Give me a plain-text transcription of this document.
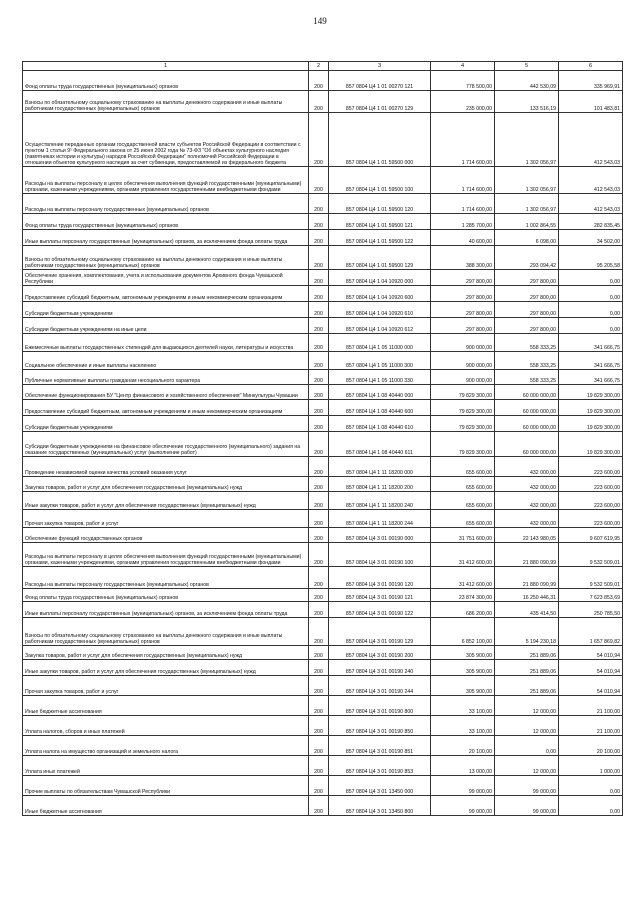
149
1	2	3	4	5	6
Фонд оплаты труда государственных (муниципальных) органов	200	857 0804 Ц4 1 01 00270 121	778 500,00	442 530,09	335 969,91
Взносы по обязательному социальному страхованию на выплаты денежного содержания и иные выплаты работникам государственных (муниципальных) органов	200	857 0804 Ц4 1 01 00270 129	235 000,00	133 516,19	101 483,81
Осуществление переданных органам государственной власти субъектов Российской Федерации в соответствии с пунктом 1 статьи 9¹ Федерального закона от 25 июня 2002 года № 73-ФЗ "Об объектах культурного наследия (памятниках истории и культуры) народов Российской Федерации" полномочий Российской Федерации в отношении объектов культурного наследия за счет субвенции, предоставляемой из федерального бюджета	200	857 0804 Ц4 1 01 59500 000	1 714 600,00	1 302 056,97	412 543,03
Расходы на выплаты персоналу в целях обеспечения выполнения функций государственными (муниципальными) органами, казенными учреждениями, органами управления государственными внебюджетными фондами	200	857 0804 Ц4 1 01 59500 100	1 714 600,00	1 302 056,97	412 543,03
Расходы на выплаты персоналу государственных (муниципальных) органов	200	857 0804 Ц4 1 01 59500 120	1 714 600,00	1 302 056,97	412 543,03
Фонд оплаты труда государственных (муниципальных) органов	200	857 0804 Ц4 1 01 59500 121	1 285 700,00	1 002 864,55	282 835,45
Иные выплаты персоналу государственных (муниципальных) органов, за исключением фонда оплаты труда	200	857 0804 Ц4 1 01 59500 122	40 600,00	6 098,00	34 502,00
Взносы по обязательному социальному страхованию на выплаты денежного содержания и иные выплаты работникам государственных (муниципальных) органов	200	857 0804 Ц4 1 01 59500 129	388 300,00	293 094,42	95 205,58
Обеспечение хранения, комплектования, учета и использования документов Архивного фонда Чувашской Республики	200	857 0804 Ц4 1 04 10920 000	297 800,00	297 800,00	0,00
Предоставление субсидий бюджетным, автономным учреждениям и иным некоммерческим организациям	200	857 0804 Ц4 1 04 10920 600	297 800,00	297 800,00	0,00
Субсидии бюджетным учреждениям	200	857 0804 Ц4 1 04 10920 610	297 800,00	297 800,00	0,00
Субсидии бюджетным учреждениям на иные цели	200	857 0804 Ц4 1 04 10920 612	297 800,00	297 800,00	0,00
Ежемесячные выплаты государственных стипендий для выдающихся деятелей науки, литературы и искусства	200	857 0804 Ц4 1 05 11000 000	900 000,00	558 333,25	341 666,75
Социальное обеспечение и иные выплаты населению	200	857 0804 Ц4 1 05 11000 300	900 000,00	558 333,25	341 666,75
Публичные нормативные выплаты гражданам несоциального характера	200	857 0804 Ц4 1 05 11000 330	900 000,00	558 333,25	341 666,75
Обеспечение функционирования БУ "Центр финансового и хозяйственного обеспечения" Минкультуры Чувашии	200	857 0804 Ц4 1 08 40440 000	79 829 300,00	60 000 000,00	19 829 300,00
Предоставление субсидий бюджетным, автономным учреждениям и иным некоммерческим организациям	200	857 0804 Ц4 1 08 40440 600	79 829 300,00	60 000 000,00	19 829 300,00
Субсидии бюджетным учреждениям	200	857 0804 Ц4 1 08 40440 610	79 829 300,00	60 000 000,00	19 829 300,00
Субсидии бюджетным учреждениям на финансовое обеспечение государственного (муниципального) задания на оказание государственных (муниципальных) услуг (выполнение работ)	200	857 0804 Ц4 1 08 40440 611	79 829 300,00	60 000 000,00	19 829 300,00
Проведение независимой оценки качества условий оказания услуг	200	857 0804 Ц4 1 11 18200 000	655 600,00	432 000,00	223 600,00
Закупка товаров, работ и услуг для обеспечения государственных (муниципальных) нужд	200	857 0804 Ц4 1 11 18200 200	655 600,00	432 000,00	223 600,00
Иные закупки товаров, работ и услуг для обеспечения государственных (муниципальных) нужд	200	857 0804 Ц4 1 11 18200 240	655 600,00	432 000,00	223 600,00
Прочая закупка товаров, работ и услуг	200	857 0804 Ц4 1 11 18200 244	655 600,00	432 000,00	223 600,00
Обеспечение функций государственных органов	200	857 0804 Ц4 3 01 00190 000	31 751 600,00	22 143 980,05	9 607 619,95
Расходы на выплаты персоналу в целях обеспечения выполнения функций государственными (муниципальными) органами, казенными учреждениями, органами управления государственными внебюджетными фондами	200	857 0804 Ц4 3 01 00190 100	31 412 600,00	21 880 090,99	9 532 509,01
Расходы на выплаты персоналу государственных (муниципальных) органов	200	857 0804 Ц4 3 01 00190 120	31 412 600,00	21 880 090,99	9 532 509,01
Фонд оплаты труда государственных (муниципальных) органов	200	857 0804 Ц4 3 01 00190 121	23 874 300,00	16 250 446,31	7 623 853,69
Иные выплаты персоналу государственных (муниципальных) органов, за исключением фонда оплаты труда	200	857 0804 Ц4 3 01 00190 122	686 200,00	435 414,50	250 785,50
Взносы по обязательному социальному страхованию на выплаты денежного содержания и иные выплаты работникам государственных (муниципальных) органов	200	857 0804 Ц4 3 01 00190 129	6 852 100,00	5 194 230,18	1 657 869,82
Закупка товаров, работ и услуг для обеспечения государственных (муниципальных) нужд	200	857 0804 Ц4 3 01 00190 200	305 900,00	251 889,06	54 010,94
Иные закупки товаров, работ и услуг для обеспечения государственных (муниципальных) нужд	200	857 0804 Ц4 3 01 00190 240	305 900,00	251 889,06	54 010,94
Прочая закупка товаров, работ и услуг	200	857 0804 Ц4 3 01 00190 244	305 900,00	251 889,06	54 010,94
Иные бюджетные ассигнования	200	857 0804 Ц4 3 01 00190 800	33 100,00	12 000,00	21 100,00
Уплата налогов, сборов и иных платежей	200	857 0804 Ц4 3 01 00190 850	33 100,00	12 000,00	21 100,00
Уплата налога на имущество организаций и земельного налога	200	857 0804 Ц4 3 01 00190 851	20 100,00	0,00	20 100,00
Уплата иных платежей	200	857 0804 Ц4 3 01 00190 853	13 000,00	12 000,00	1 000,00
Прочие выплаты по обязательствам Чувашской Республики	200	857 0804 Ц4 3 01 13450 000	99 000,00	99 000,00	0,00
Иные бюджетные ассигнования	200	857 0804 Ц4 3 01 13450 800	99 000,00	99 000,00	0,00
